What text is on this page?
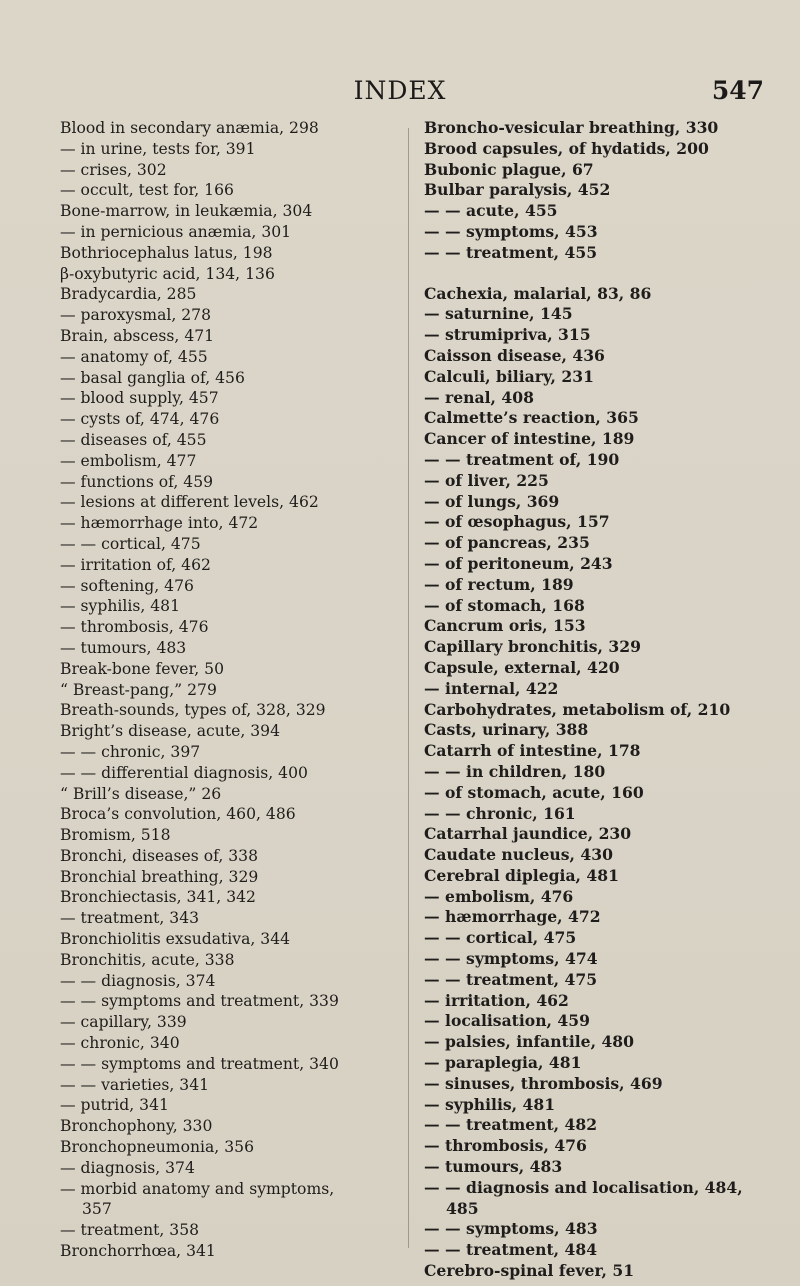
INDEX	547
Blood in secondary anæmia, 298
— in urine, tests for, 391
— crises, 302
— occult, test for, 166
Bone-marrow, in leukæmia, 304
— in pernicious anæmia, 301
Bothriocephalus latus, 198
β-oxybutyric acid, 134, 136
Bradycardia, 285
— paroxysmal, 278
Brain, abscess, 471
— anatomy of, 455
— basal ganglia of, 456
— blood supply, 457
— cysts of, 474, 476
— diseases of, 455
— embolism, 477
— functions of, 459
— lesions at different levels, 462
— hæmorrhage into, 472
— — cortical, 475
— irritation of, 462
— softening, 476
— syphilis, 481
— thrombosis, 476
— tumours, 483
Break-bone fever, 50
“ Breast-pang,” 279
Breath-sounds, types of, 328, 329
Bright’s disease, acute, 394
— — chronic, 397
— — differential diagnosis, 400
“ Brill’s disease,” 26
Broca’s convolution, 460, 486
Bromism, 518
Bronchi, diseases of, 338
Bronchial breathing, 329
Bronchiectasis, 341, 342
— treatment, 343
Bronchiolitis exsudativa, 344
Bronchitis, acute, 338
— — diagnosis, 374
— — symptoms and treatment, 339
— capillary, 339
— chronic, 340
— — symptoms and treatment, 340
— — varieties, 341
— putrid, 341
Bronchophony, 330
Bronchopneumonia, 356
— diagnosis, 374
— morbid anatomy and symptoms,
357
— treatment, 358
Bronchorrhœa, 341
Broncho-vesicular breathing, 330
Brood capsules, of hydatids, 200
Bubonic plague, 67
Bulbar paralysis, 452
— — acute, 455
— — symptoms, 453
— — treatment, 455
Cachexia, malarial, 83, 86
— saturnine, 145
— strumipriva, 315
Caisson disease, 436
Calculi, biliary, 231
— renal, 408
Calmette’s reaction, 365
Cancer of intestine, 189
— — treatment of, 190
— of liver, 225
— of lungs, 369
— of œsophagus, 157
— of pancreas, 235
— of peritoneum, 243
— of rectum, 189
— of stomach, 168
Cancrum oris, 153
Capillary bronchitis, 329
Capsule, external, 420
— internal, 422
Carbohydrates, metabolism of, 210
Casts, urinary, 388
Catarrh of intestine, 178
— — in children, 180
— of stomach, acute, 160
— — chronic, 161
Catarrhal jaundice, 230
Caudate nucleus, 430
Cerebral diplegia, 481
— embolism, 476
— hæmorrhage, 472
— — cortical, 475
— — symptoms, 474
— — treatment, 475
— irritation, 462
— localisation, 459
— palsies, infantile, 480
— paraplegia, 481
— sinuses, thrombosis, 469
— syphilis, 481
— — treatment, 482
— thrombosis, 476
— tumours, 483
— — diagnosis and localisation, 484,
485
— — symptoms, 483
— — treatment, 484
Cerebro-spinal fever, 51
